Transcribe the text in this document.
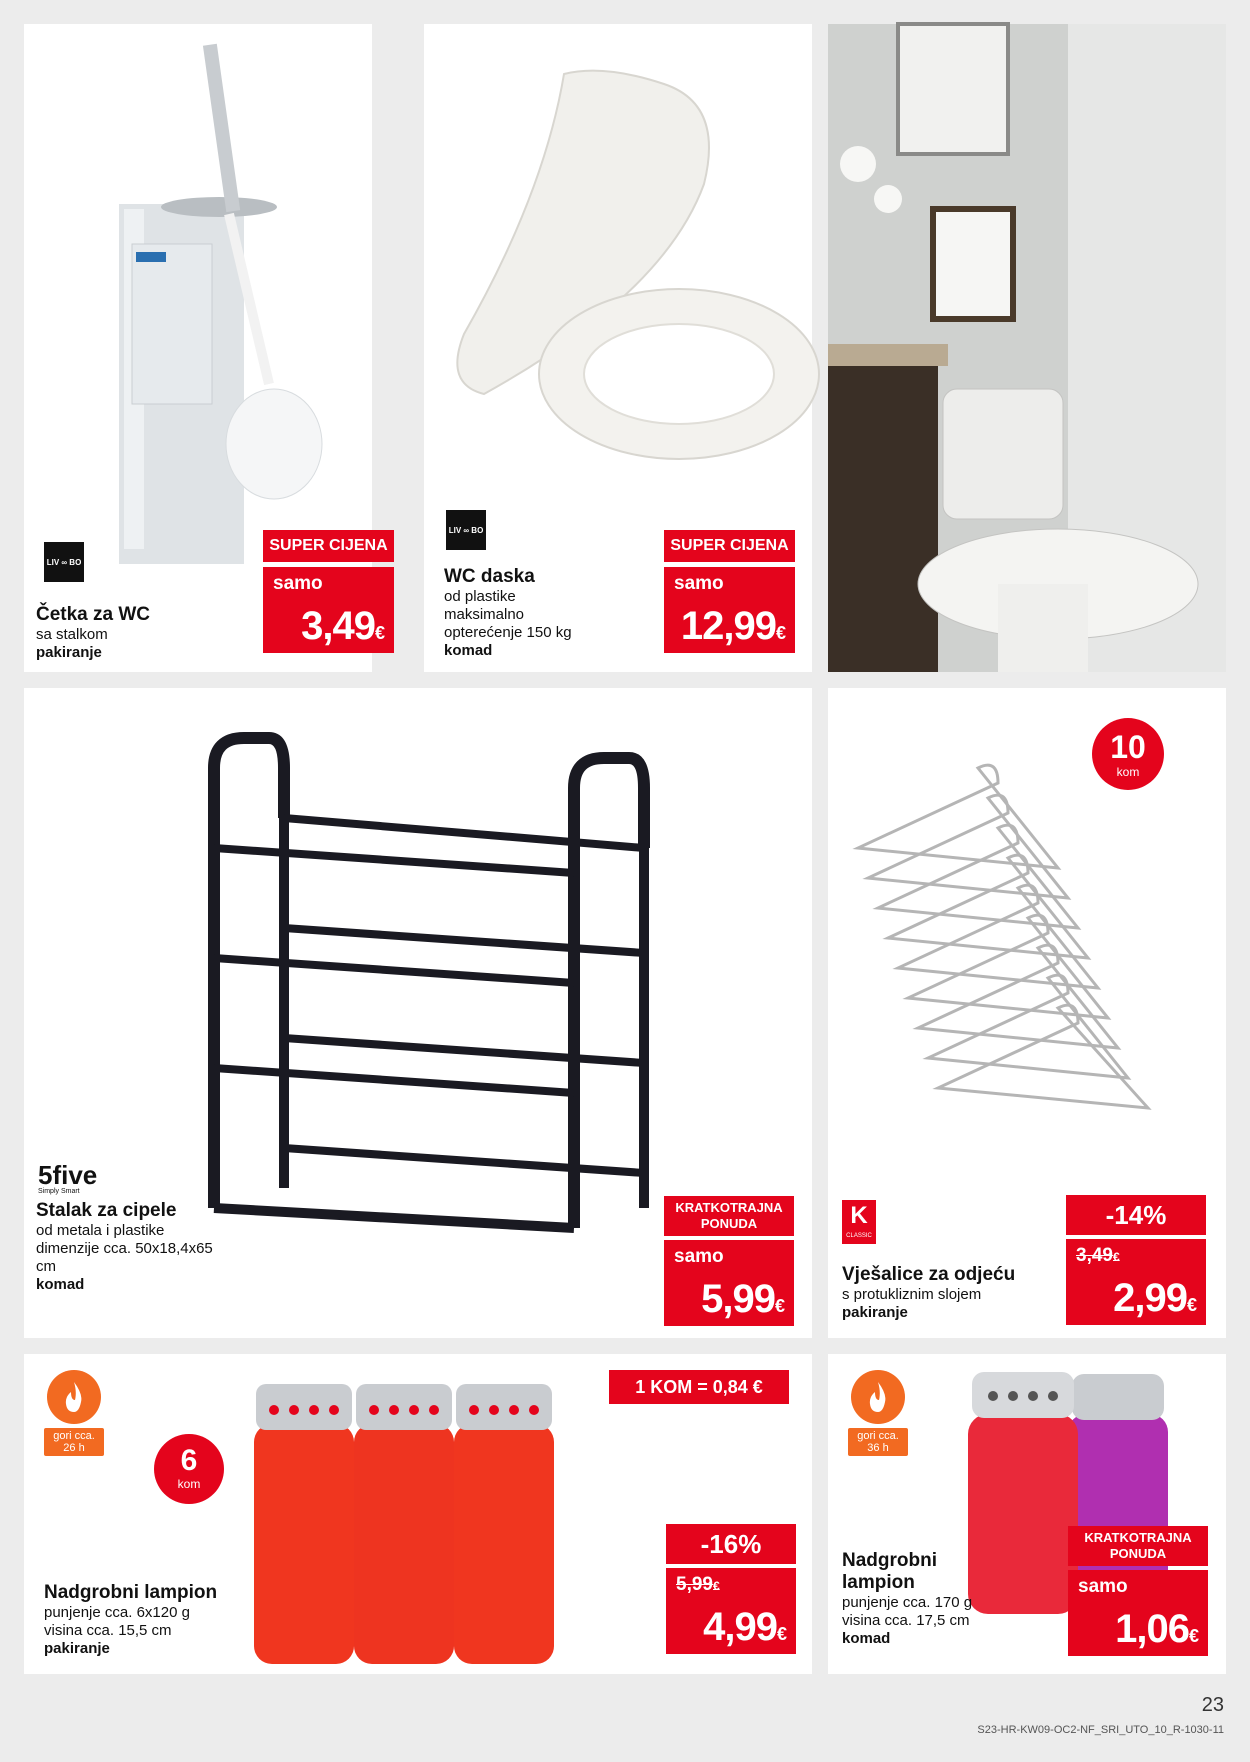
LIV ∞ BO
Četka za WC
sa stalkom
pakiranje
SUPER CIJENA
samo
3,49€
LIV ∞ BO
WC daska
od plastike
maksimalno
opterećenje 150 kg
komad
SUPER CIJENA
samo
12,99€
5five
Simply Smart
Stalak za cipele
od metala i plastike
dimenzije cca. 50x18,4x65
cm
komad
KRATKOTRAJNA
PONUDA
samo
5,99€
10
kom
K
CLASSIC
Vješalice za odjeću
s protukliznim slojem
pakiranje
-14%
3,49€
2,99€
gori cca.
26 h	6
kom
1 KOM = 0,84 €
Nadgrobni lampion
punjenje cca. 6x120 g
visina cca. 15,5 cm
pakiranje
-16%
5,99€
4,99€
gori cca.
36 h
Nadgrobni
lampion
punjenje cca. 170 g
visina cca. 17,5 cm
komad
KRATKOTRAJNA
PONUDA
samo
1,06€
23
S23-HR-KW09-OC2-NF_SRI_UTO_10_R-1030-11
